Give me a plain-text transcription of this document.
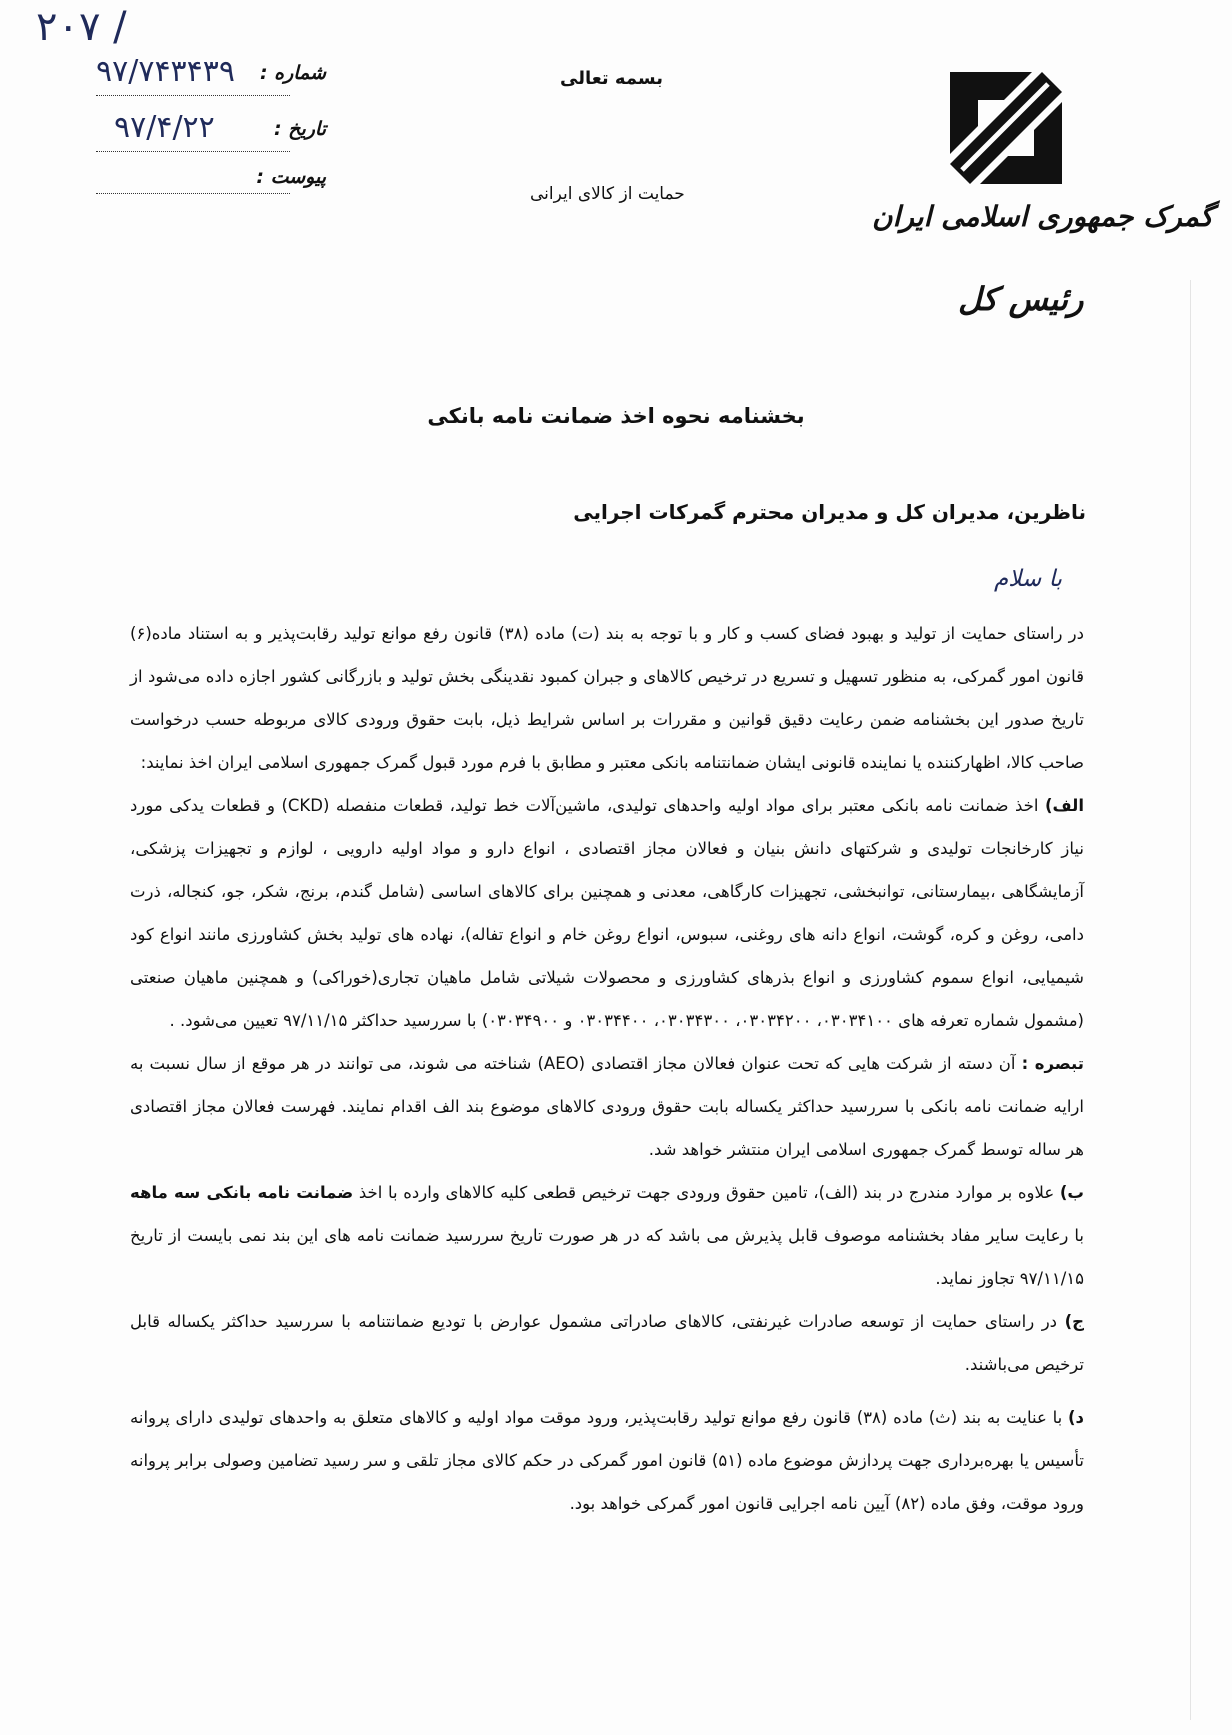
۲۰۷ /
شماره :
۹۷/۷۴۳۴۳۹
تاریخ :
۹۷/۴/۲۲
پیوست :
بسمه تعالی
حمایت از کالای ایرانی
گمرک جمهوری اسلامی ایران
رئیس کل
بخشنامه نحوه اخذ ضمانت نامه بانکی
ناظرین، مدیران کل و مدیران محترم گمرکات اجرایی
با سلام

در راستای حمایت از تولید و بهبود فضای کسب و کار و با توجه به بند (ت) ماده (۳۸) قانون رفع موانع تولید رقابت‌پذیر و به استناد ماده(۶) قانون امور گمرکی، به منظور تسهیل و تسریع در ترخیص کالاهای و جبران کمبود نقدینگی بخش تولید و بازرگانی کشور اجازه داده می‌شود از تاریخ صدور این بخشنامه ضمن رعایت دقیق قوانین و مقررات بر اساس شرایط ذیل، بابت حقوق ورودی کالای مربوطه حسب درخواست صاحب کالا، اظهارکننده یا نماینده قانونی ایشان ضمانتنامه بانکی معتبر و مطابق با فرم مورد قبول گمرک جمهوری اسلامی ایران اخذ نمایند:

الف) اخذ ضمانت نامه بانکی معتبر برای مواد اولیه واحدهای تولیدی، ماشین‌آلات خط تولید، قطعات منفصله (CKD) و قطعات یدکی مورد نیاز کارخانجات تولیدی و شرکتهای دانش بنیان و فعالان مجاز اقتصادی ، انواع دارو و مواد اولیه دارویی ، لوازم و تجهیزات پزشکی، آزمایشگاهی ،بیمارستانی، توانبخشی، تجهیزات کارگاهی، معدنی و همچنین برای کالاهای اساسی (شامل گندم، برنج، شکر، جو، کنجاله، ذرت دامی، روغن و کره، گوشت، انواع دانه های روغنی، سبوس، انواع روغن خام و انواع تفاله)، نهاده های تولید بخش کشاورزی مانند انواع کود شیمیایی، انواع سموم کشاورزی و انواع بذرهای کشاورزی و محصولات شیلاتی شامل ماهیان تجاری(خوراکی) و همچنین ماهیان صنعتی (مشمول شماره تعرفه های ۰۳۰۳۴۱۰۰، ۰۳۰۳۴۲۰۰، ۰۳۰۳۴۳۰۰، ۰۳۰۳۴۴۰۰ و ۰۳۰۳۴۹۰۰) با سررسید حداکثر ۹۷/۱۱/۱۵ تعیین می‌شود. .

تبصره : آن دسته از شرکت هایی که تحت عنوان فعالان مجاز اقتصادی (AEO) شناخته می شوند، می توانند در هر موقع از سال نسبت به ارایه ضمانت نامه بانکی با سررسید حداکثر یکساله بابت حقوق ورودی کالاهای موضوع بند الف اقدام نمایند. فهرست فعالان مجاز اقتصادی هر ساله توسط گمرک جمهوری اسلامی ایران منتشر خواهد شد.

ب) علاوه بر موارد مندرج در بند (الف)، تامین حقوق ورودی جهت ترخیص قطعی کلیه کالاهای وارده با اخذ ضمانت نامه بانکی سه ماهه با رعایت سایر مفاد بخشنامه موصوف قابل پذیرش می باشد که در هر صورت تاریخ سررسید ضمانت نامه های این بند نمی بایست از تاریخ ۹۷/۱۱/۱۵ تجاوز نماید.

ج) در راستای حمایت از توسعه صادرات غیرنفتی، کالاهای صادراتی مشمول عوارض با تودیع ضمانتنامه با سررسید حداکثر یکساله قابل ترخیص می‌باشند.

د) با عنایت به بند (ث) ماده (۳۸) قانون رفع موانع تولید رقابت‌پذیر، ورود موقت مواد اولیه و کالاهای متعلق به واحدهای تولیدی دارای پروانه تأسیس یا بهره‌برداری جهت پردازش موضوع ماده (۵۱) قانون امور گمرکی در حکم کالای مجاز تلقی و سر رسید تضامین وصولی برابر پروانه ورود موقت، وفق ماده (۸۲) آیین نامه اجرایی قانون امور گمرکی خواهد بود.
